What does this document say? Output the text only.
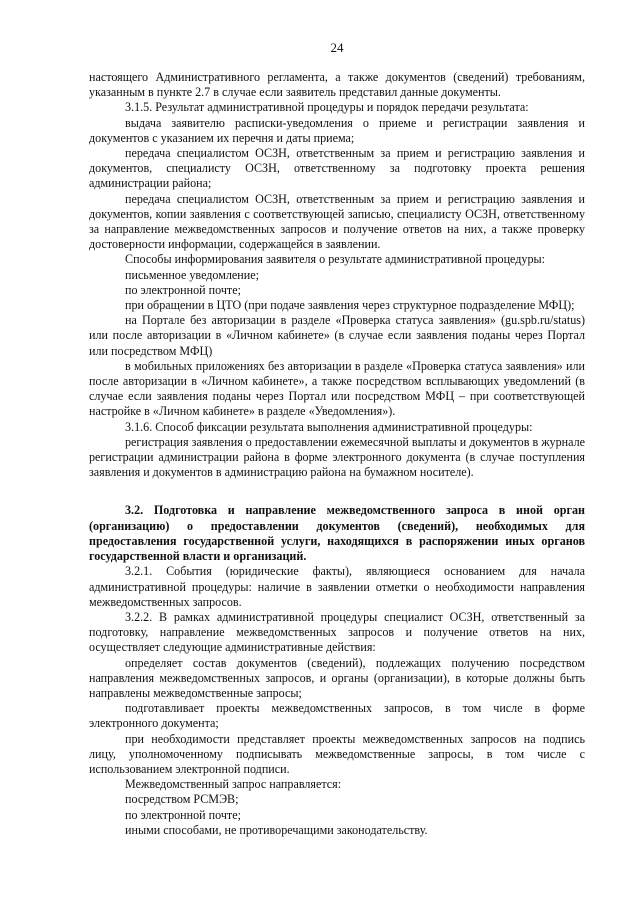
24

настоящего Административного регламента, а также документов (сведений) требованиям, указанным в пункте 2.7 в случае если заявитель представил данные документы.

3.1.5. Результат административной процедуры и порядок передачи результата:

выдача заявителю расписки-уведомления о приеме и регистрации заявления и документов с указанием их перечня и даты приема;

передача специалистом ОСЗН, ответственным за прием и регистрацию заявления и документов, специалисту ОСЗН, ответственному за подготовку проекта решения администрации района;

передача специалистом ОСЗН, ответственным за прием и регистрацию заявления и документов, копии заявления с соответствующей записью, специалисту ОСЗН, ответственному за направление межведомственных запросов и получение ответов на них, а также проверку достоверности информации, содержащейся в заявлении.

Способы информирования заявителя о результате административной процедуры:

письменное уведомление;

по электронной почте;

при обращении в ЦТО (при подаче заявления через структурное подразделение МФЦ);

на Портале без авторизации в разделе «Проверка статуса заявления» (gu.spb.ru/status) или после авторизации в «Личном кабинете» (в случае если заявления поданы через Портал или посредством МФЦ)

в мобильных приложениях без авторизации в разделе «Проверка статуса заявления» или после авторизации в «Личном кабинете», а также посредством всплывающих уведомлений (в случае если заявления поданы через Портал или посредством МФЦ – при соответствующей настройке в «Личном кабинете» в разделе «Уведомления»).

3.1.6. Способ фиксации результата выполнения административной процедуры:

регистрация заявления о предоставлении ежемесячной выплаты и документов в журнале регистрации администрации района в форме электронного документа (в случае поступления заявления и документов в администрацию района на бумажном носителе).

3.2. Подготовка и направление межведомственного запроса в иной орган (организацию) о предоставлении документов (сведений), необходимых для предоставления государственной услуги, находящихся в распоряжении иных органов государственной власти и организаций.

3.2.1. События (юридические факты), являющиеся основанием для начала административной процедуры: наличие в заявлении отметки о необходимости направления межведомственных запросов.

3.2.2. В рамках административной процедуры специалист ОСЗН, ответственный за подготовку, направление межведомственных запросов и получение ответов на них, осуществляет следующие административные действия:

определяет состав документов (сведений), подлежащих получению посредством направления межведомственных запросов, и органы (организации), в которые должны быть направлены межведомственные запросы;

подготавливает проекты межведомственных запросов, в том числе в форме электронного документа;

при необходимости представляет проекты межведомственных запросов на подпись лицу, уполномоченному подписывать межведомственные запросы, в том числе с использованием электронной подписи.

Межведомственный запрос направляется:

посредством РСМЭВ;

по электронной почте;

иными способами, не противоречащими законодательству.
